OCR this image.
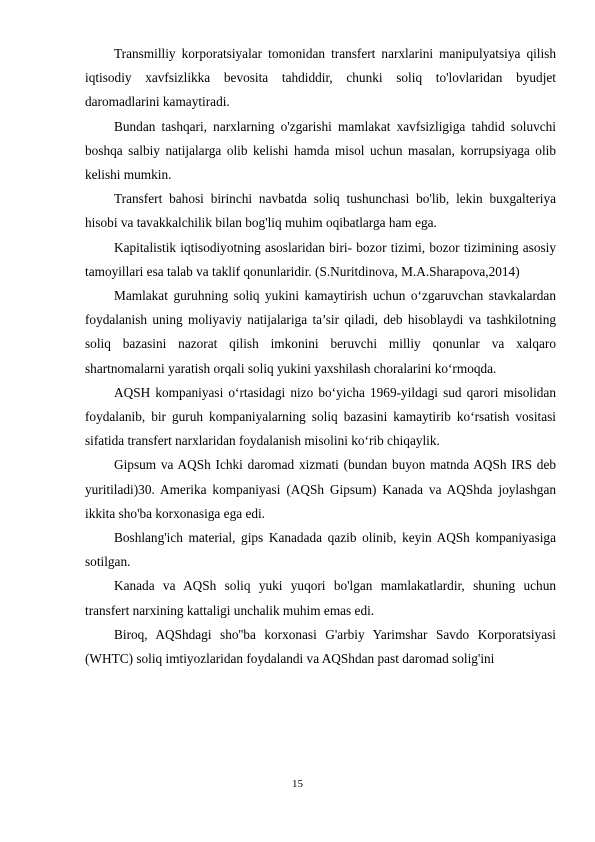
Transmilliy korporatsiyalar tomonidan transfert narxlarini manipulyatsiya qilish iqtisodiy xavfsizlikka bevosita tahdiddir, chunki soliq to'lovlaridan byudjet daromadlarini kamaytiradi.

Bundan tashqari, narxlarning o'zgarishi mamlakat xavfsizligiga tahdid soluvchi boshqa salbiy natijalarga olib kelishi hamda misol uchun masalan, korrupsiyaga olib kelishi mumkin.

Transfert bahosi birinchi navbatda soliq tushunchasi bo'lib, lekin buxgalteriya hisobi va tavakkalchilik bilan bog'liq muhim oqibatlarga ham ega.

Kapitalistik iqtisodiyotning asoslaridan biri- bozor tizimi, bozor tizimining asosiy tamoyillari esa talab va taklif qonunlaridir. (S.Nuritdinova, M.A.Sharapova,2014)

Mamlakat guruhning soliq yukini kamaytirish uchun o‘zgaruvchan stavkalardan foydalanish uning moliyaviy natijalariga ta’sir qiladi, deb hisoblaydi va tashkilotning soliq bazasini nazorat qilish imkonini beruvchi milliy qonunlar va xalqaro shartnomalarni yaratish orqali soliq yukini yaxshilash choralarini ko‘rmoqda.

AQSH kompaniyasi o‘rtasidagi nizo bo‘yicha 1969-yildagi sud qarori misolidan foydalanib, bir guruh kompaniyalarning soliq bazasini kamaytirib ko‘rsatish vositasi sifatida transfert narxlaridan foydalanish misolini ko‘rib chiqaylik.

Gipsum va AQSh Ichki daromad xizmati (bundan buyon matnda AQSh IRS deb yuritiladi)30. Amerika kompaniyasi (AQSh Gipsum) Kanada va AQShda joylashgan ikkita sho'ba korxonasiga ega edi.

Boshlang'ich material, gips Kanadada qazib olinib, keyin AQSh kompaniyasiga sotilgan.

Kanada va AQSh soliq yuki yuqori bo'lgan mamlakatlardir, shuning uchun transfert narxining kattaligi unchalik muhim emas edi.

Biroq, AQShdagi sho''ba korxonasi G'arbiy Yarimshar Savdo Korporatsiyasi (WHTC) soliq imtiyozlaridan foydalandi va AQShdan past daromad solig'ini

15
